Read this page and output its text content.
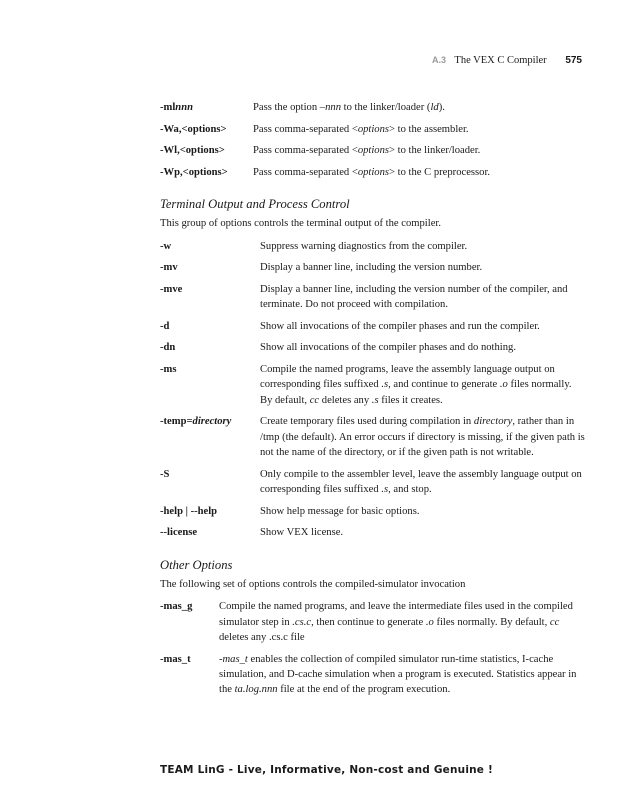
A.3 The VEX C Compiler 575
-mlnnn	Pass the option –nnn to the linker/loader (ld).
-Wa,<options>	Pass comma-separated <options> to the assembler.
-Wl,<options>	Pass comma-separated <options> to the linker/loader.
-Wp,<options>	Pass comma-separated <options> to the C preprocessor.
Terminal Output and Process Control
This group of options controls the terminal output of the compiler.
-w	Suppress warning diagnostics from the compiler.
-mv	Display a banner line, including the version number.
-mve	Display a banner line, including the version number of the compiler, and terminate. Do not proceed with compilation.
-d	Show all invocations of the compiler phases and run the compiler.
-dn	Show all invocations of the compiler phases and do nothing.
-ms	Compile the named programs, leave the assembly language output on corresponding files suffixed .s, and continue to generate .o files normally. By default, cc deletes any .s files it creates.
-temp=directory	Create temporary files used during compilation in directory, rather than in /tmp (the default). An error occurs if directory is missing, if the given path is not the name of the directory, or if the given path is not writable.
-S	Only compile to the assembler level, leave the assembly language output on corresponding files suffixed .s, and stop.
-help | --help	Show help message for basic options.
--license	Show VEX license.
Other Options
The following set of options controls the compiled-simulator invocation
-mas_g	Compile the named programs, and leave the intermediate files used in the compiled simulator step in .cs.c, then continue to generate .o files normally. By default, cc deletes any .cs.c file
-mas_t	-mas_t enables the collection of compiled simulator run-time statistics, I-cache simulation, and D-cache simulation when a program is executed. Statistics appear in the ta.log.nnn file at the end of the program execution.
TEAM LinG - Live, Informative, Non-cost and Genuine !
